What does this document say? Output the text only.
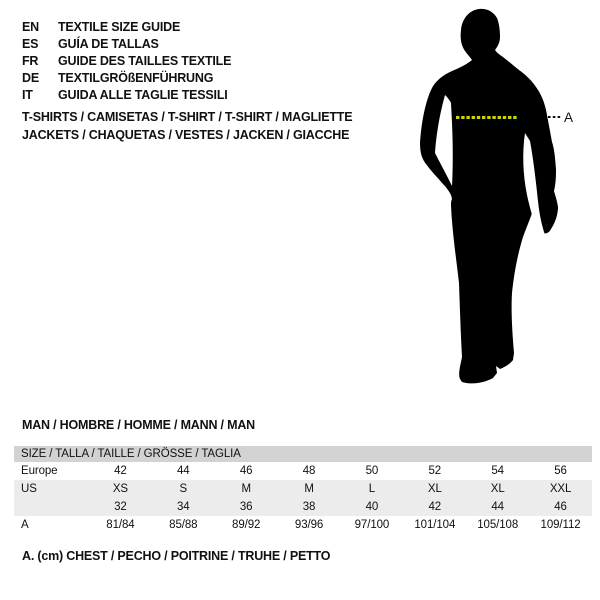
EN	TEXTILE SIZE GUIDE
ES	GUÍA DE TALLAS
FR	GUIDE DES TAILLES TEXTILE
DE	TEXTILGRÖßENFÜHRUNG
IT	GUIDA ALLE TAGLIE TESSILI
T-SHIRTS / CAMISETAS / T-SHIRT / T-SHIRT / MAGLIETTE
JACKETS / CHAQUETAS / VESTES / JACKEN / GIACCHE
A
MAN / HOMBRE / HOMME / MANN / MAN
SIZE / TALLA / TAILLE / GRÖSSE / TAGLIA
Europe	42	44	46	48	50	52	54	56
US	XS	S	M	M	L	XL	XL	XXL
	32	34	36	38	40	42	44	46
A	81/84	85/88	89/92	93/96	97/100	101/104	105/108	109/112
A. (cm) CHEST / PECHO / POITRINE / TRUHE / PETTO
